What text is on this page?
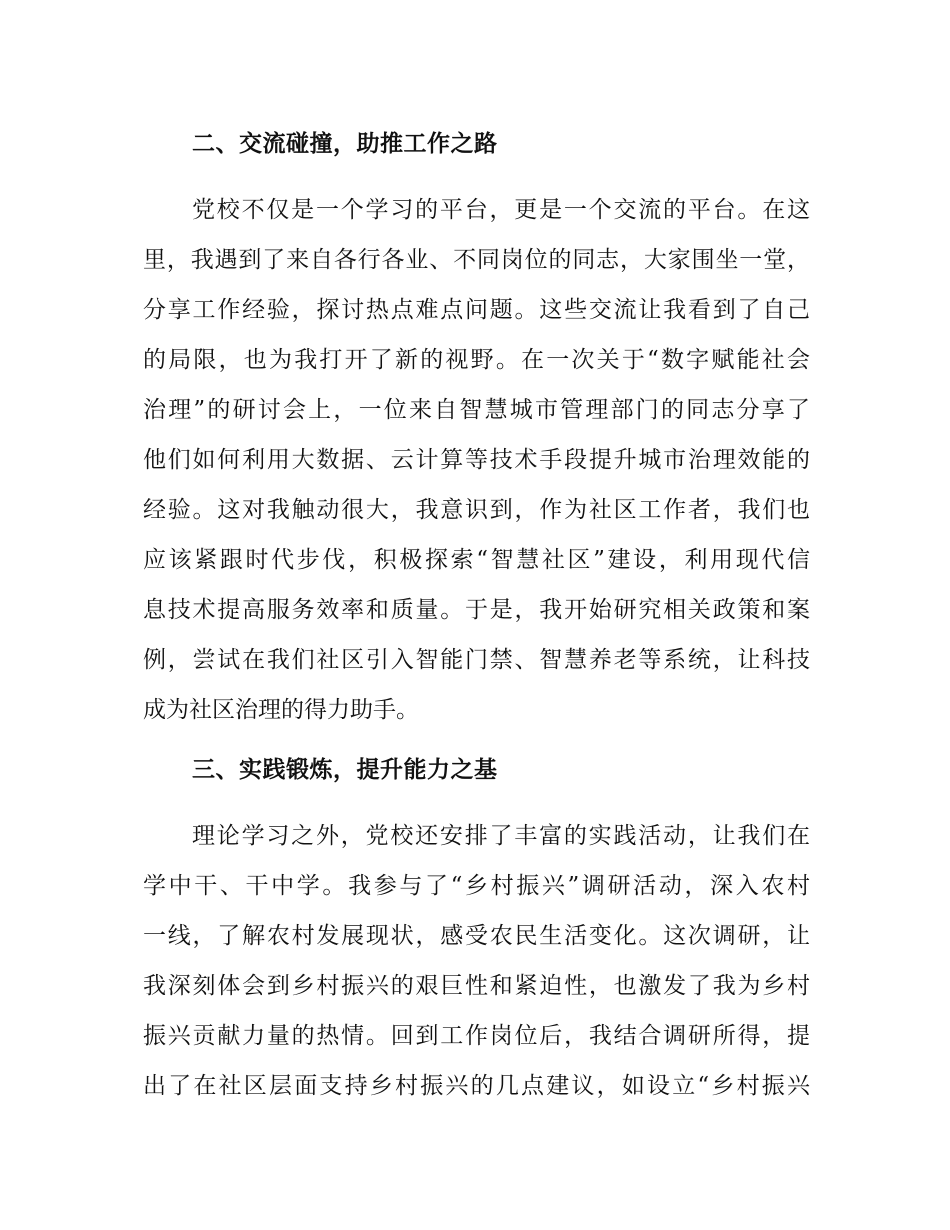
二、交流碰撞，助推工作之路
党校不仅是一个学习的平台，更是一个交流的平台。在这
里，我遇到了来自各行各业、不同岗位的同志，大家围坐一堂，
分享工作经验，探讨热点难点问题。这些交流让我看到了自己
的局限，也为我打开了新的视野。在一次关于“数字赋能社会
治理”的研讨会上，一位来自智慧城市管理部门的同志分享了
他们如何利用大数据、云计算等技术手段提升城市治理效能的
经验。这对我触动很大，我意识到，作为社区工作者，我们也
应该紧跟时代步伐，积极探索“智慧社区”建设，利用现代信
息技术提高服务效率和质量。于是，我开始研究相关政策和案
例，尝试在我们社区引入智能门禁、智慧养老等系统，让科技
成为社区治理的得力助手。
三、实践锻炼，提升能力之基
理论学习之外，党校还安排了丰富的实践活动，让我们在
学中干、干中学。我参与了“乡村振兴”调研活动，深入农村
一线，了解农村发展现状，感受农民生活变化。这次调研，让
我深刻体会到乡村振兴的艰巨性和紧迫性，也激发了我为乡村
振兴贡献力量的热情。回到工作岗位后，我结合调研所得，提
出了在社区层面支持乡村振兴的几点建议，如设立“乡村振兴
